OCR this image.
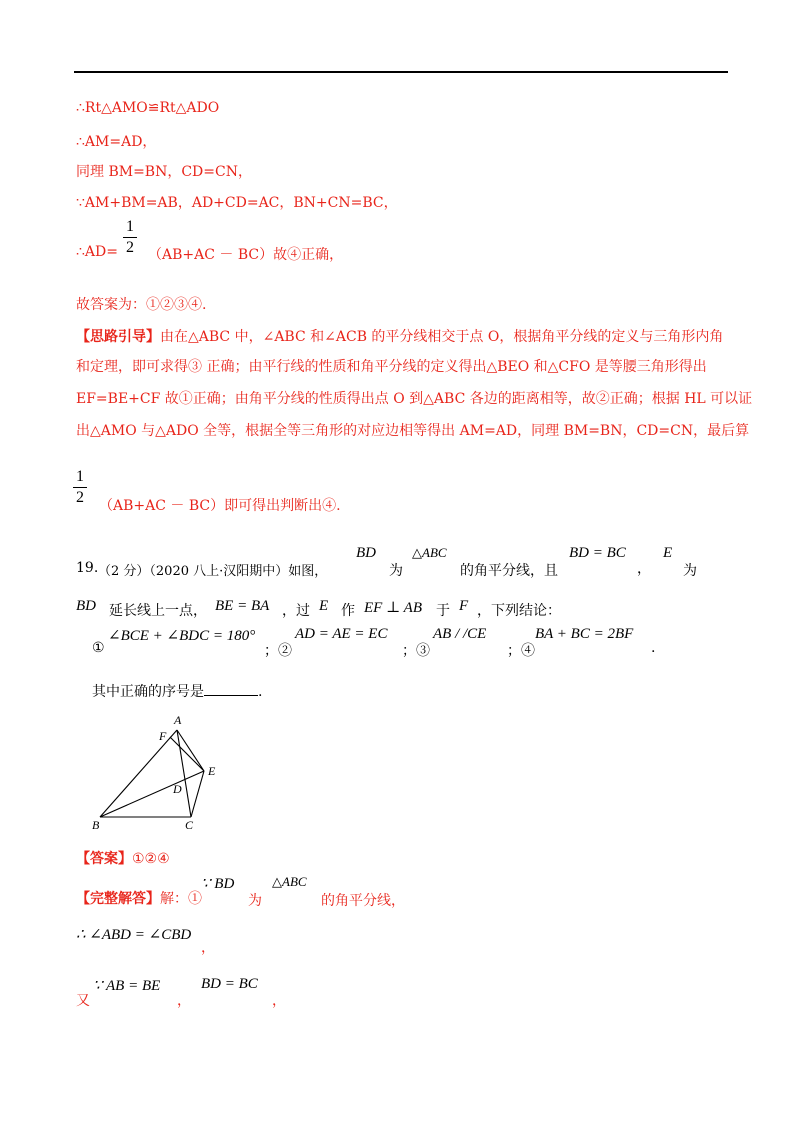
∴Rt△AMO≌Rt△ADO
∴AM=AD，
同理 BM=BN，CD=CN，
∵AM+BM=AB，AD+CD=AC，BN+CN=BC，
∴AD=
1
2 （AB+AC － BC）故④正确，
故答案为：①②③④.
【思路引导】由在△ABC 中，∠ABC 和∠ACB 的平分线相交于点 O，根据角平分线的定义与三角形内角
和定理，即可求得③ 正确；由平行线的性质和角平分线的定义得出△BEO 和△CFO 是等腰三角形得出
EF=BE+CF 故①正确；由角平分线的性质得出点 O 到△ABC 各边的距离相等，故②正确；根据 HL 可以证
出△AMO 与△ADO 全等，根据全等三角形的对应边相等得出 AM=AD，同理 BM=BN，CD=CN，最后算
1
2 （AB+AC － BC）即可得出判断出④.
19. （2 分）（2020 八上·汉阳期中）如图，
BD
为
△ABC
的角平分线，且
BD = BC
，
E
为
BD 延长线上一点， BE = BA ，过 E 作 EF ⊥ AB 于 F ，下列结论：
①
∠BCE + ∠BDC = 180°
；②
AD = AE = EC
；③
AB / /CE
；④
BA + BC = 2BF
.
其中正确的序号是	.
A
F
E
D
B	C
【答案】①②④
【完整解答】解：①
∵ BD
为
△ABC
的角平分线，
∴ ∠ABD = ∠CBD
，
又
∵ AB = BE
，
BD = BC
，
